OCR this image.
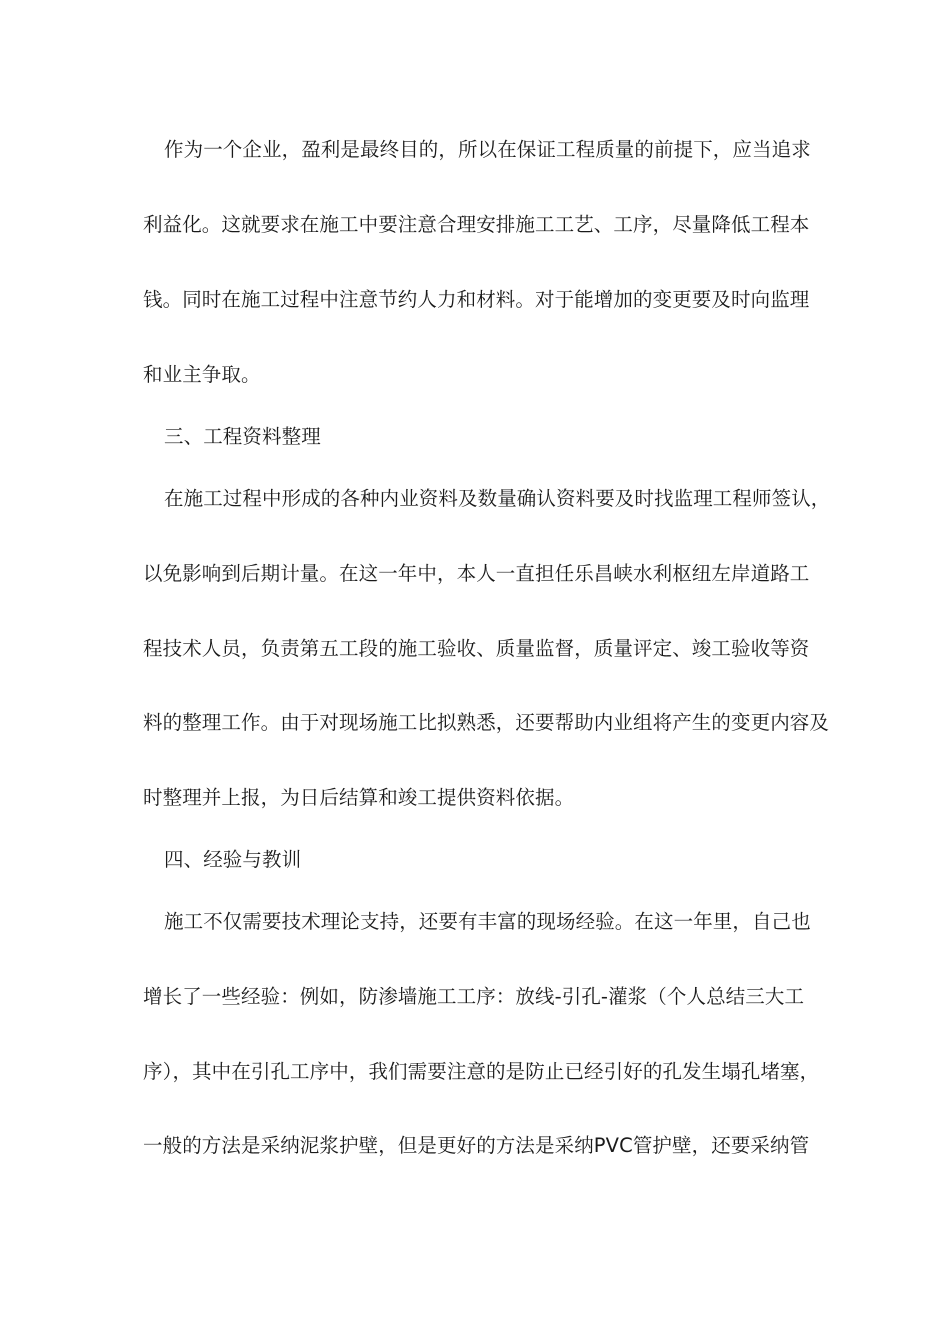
作为一个企业，盈利是最终目的，所以在保证工程质量的前提下，应当追求
利益化。这就要求在施工中要注意合理安排施工工艺、工序，尽量降低工程本
钱。同时在施工过程中注意节约人力和材料。对于能增加的变更要及时向监理
和业主争取。
三、工程资料整理
在施工过程中形成的各种内业资料及数量确认资料要及时找监理工程师签认，
以免影响到后期计量。在这一年中，本人一直担任乐昌峡水利枢纽左岸道路工
程技术人员，负责第五工段的施工验收、质量监督，质量评定、竣工验收等资
料的整理工作。由于对现场施工比拟熟悉，还要帮助内业组将产生的变更内容及
时整理并上报，为日后结算和竣工提供资料依据。
四、经验与教训
施工不仅需要技术理论支持，还要有丰富的现场经验。在这一年里，自己也
增长了一些经验：例如，防渗墙施工工序：放线-引孔-灌浆（个人总结三大工
序），其中在引孔工序中，我们需要注意的是防止已经引好的孔发生塌孔堵塞，
一般的方法是采纳泥浆护壁，但是更好的方法是采纳PVC管护壁，还要采纳管
